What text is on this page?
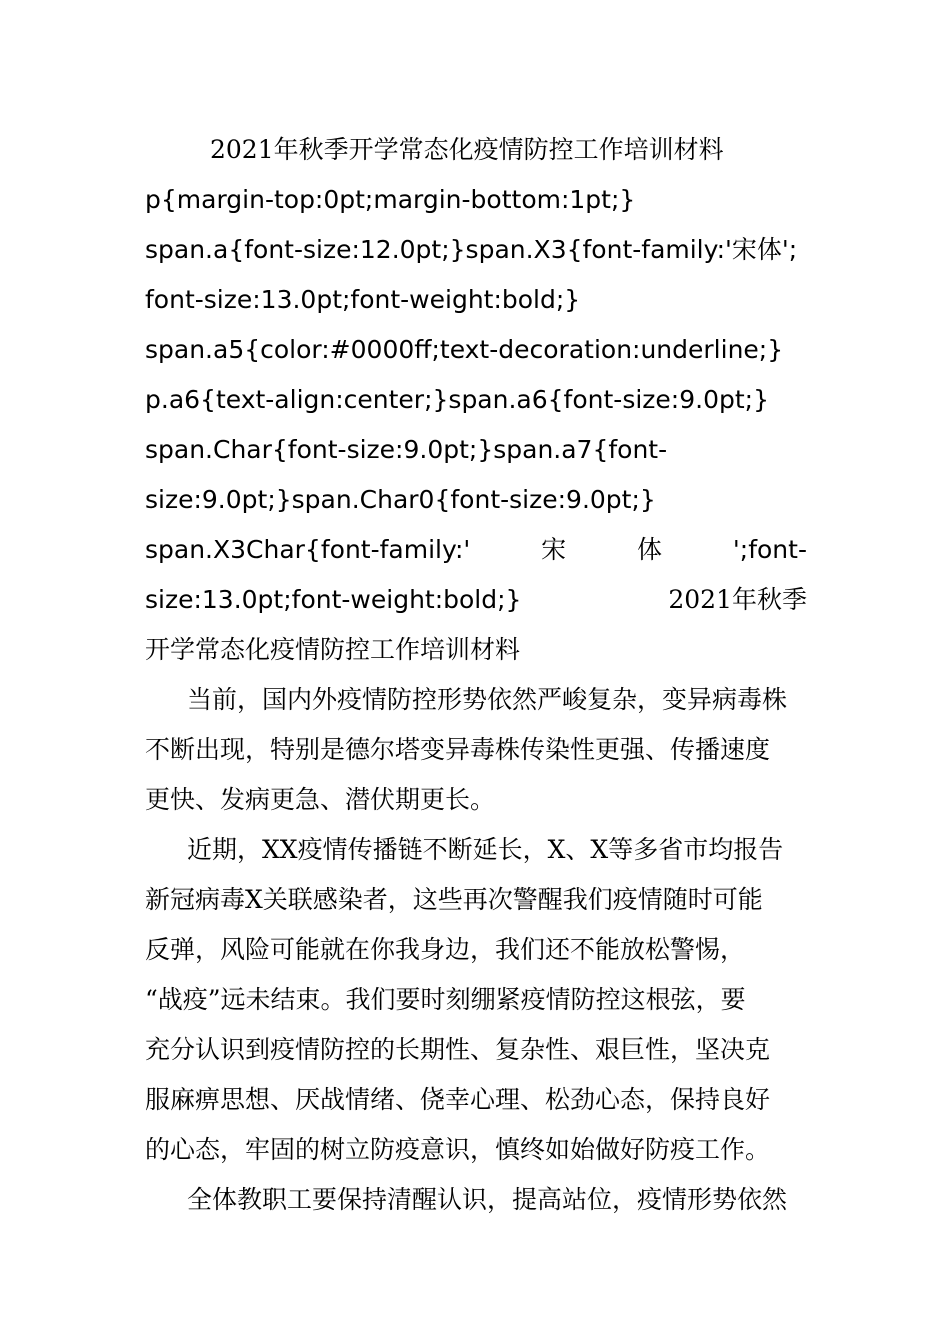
2021年秋季开学常态化疫情防控工作培训材料

p{margin-top:0pt;margin-bottom:1pt;}

span.a{font-size:12.0pt;}span.X3{font-family:'宋体';

font-size:13.0pt;font-weight:bold;}

span.a5{color:#0000ff;text-decoration:underline;}

p.a6{text-align:center;}span.a6{font-size:9.0pt;}

span.Char{font-size:9.0pt;}span.a7{font-

size:9.0pt;}span.Char0{font-size:9.0pt;}

span.X3Char{font-family:'	宋	体	';font-

size:13.0pt;font-weight:bold;}	2021年秋季

开学常态化疫情防控工作培训材料

当前，国内外疫情防控形势依然严峻复杂，变异病毒株
不断出现，特别是德尔塔变异毒株传染性更强、传播速度
更快、发病更急、潜伏期更长。
近期，XX疫情传播链不断延长，X、X等多省市均报告
新冠病毒X关联感染者，这些再次警醒我们疫情随时可能
反弹，风险可能就在你我身边，我们还不能放松警惕，
“战疫”远未结束。我们要时刻绷紧疫情防控这根弦，要
充分认识到疫情防控的长期性、复杂性、艰巨性，坚决克
服麻痹思想、厌战情绪、侥幸心理、松劲心态，保持良好
的心态，牢固的树立防疫意识，慎终如始做好防疫工作。
全体教职工要保持清醒认识，提高站位，疫情形势依然
